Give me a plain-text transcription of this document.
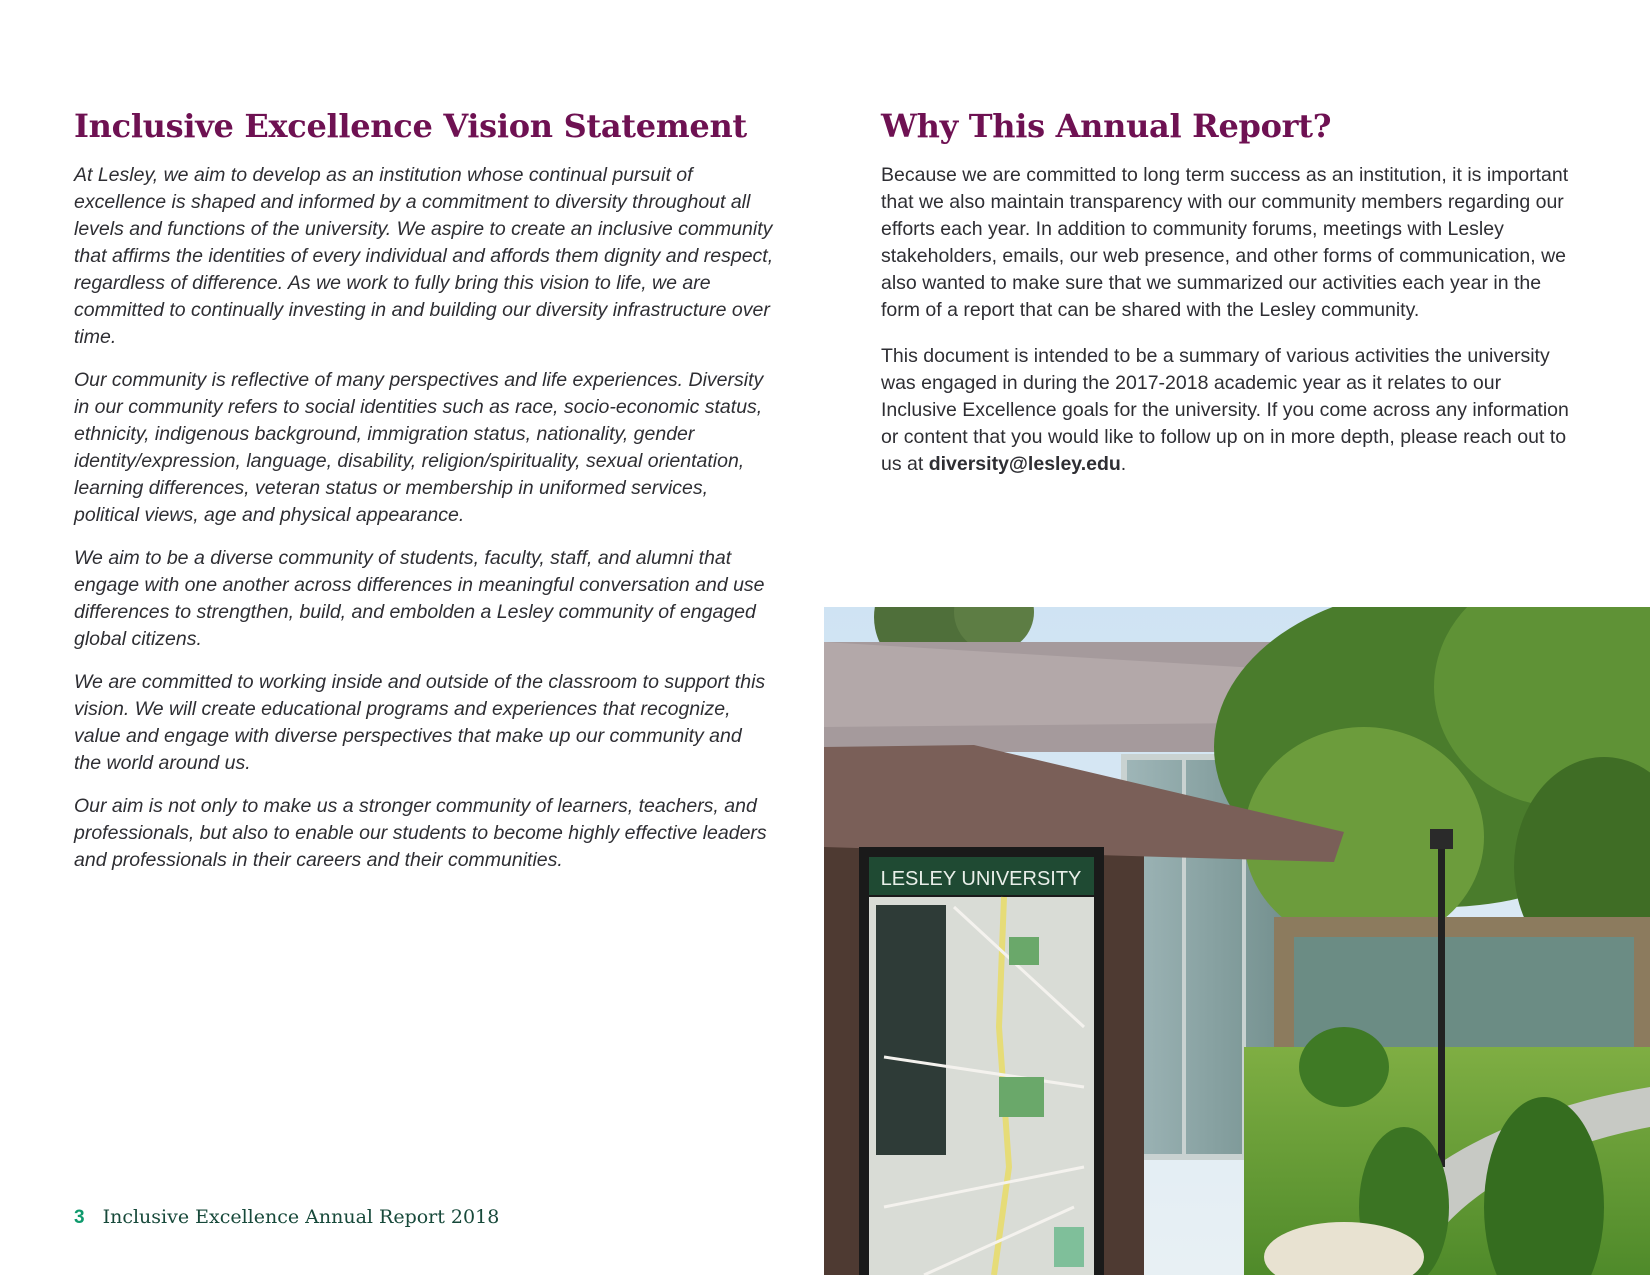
Inclusive Excellence Vision Statement

At Lesley, we aim to develop as an institution whose continual pursuit of excellence is shaped and informed by a commitment to diversity throughout all levels and functions of the university. We aspire to create an inclusive community that affirms the identities of every individual and affords them dignity and respect, regardless of difference. As we work to fully bring this vision to life, we are committed to continually investing in and building our diversity infrastructure over time.

Our community is reflective of many perspectives and life experiences. Diversity in our community refers to social identities such as race, socio-economic status, ethnicity, indigenous background, immigration status, nationality, gender identity/expression, language, disability, religion/spirituality, sexual orientation, learning differences, veteran status or membership in uniformed services, political views, age and physical appearance.

We aim to be a diverse community of students, faculty, staff, and alumni that engage with one another across differences in meaningful conversation and use differences to strengthen, build, and embolden a Lesley community of engaged global citizens.

We are committed to working inside and outside of the classroom to support this vision. We will create educational programs and experiences that recognize, value and engage with diverse perspectives that make up our community and the world around us.

Our aim is not only to make us a stronger community of learners, teachers, and professionals, but also to enable our students to become highly effective leaders and professionals in their careers and their communities.

Why This Annual Report?

Because we are committed to long term success as an institution, it is important that we also maintain transparency with our community members regarding our efforts each year. In addition to community forums, meetings with Lesley stakeholders, emails, our web presence, and other forms of communication, we also wanted to make sure that we summarized our activities each year in the form of a report that can be shared with the Lesley community.

This document is intended to be a summary of various activities the university was engaged in during the 2017-2018 academic year as it relates to our Inclusive Excellence goals for the university. If you come across any information or content that you would like to follow up on in more depth, please reach out to us at diversity@lesley.edu.

LESLEY UNIVERSITY
3 Inclusive Excellence Annual Report 2018
